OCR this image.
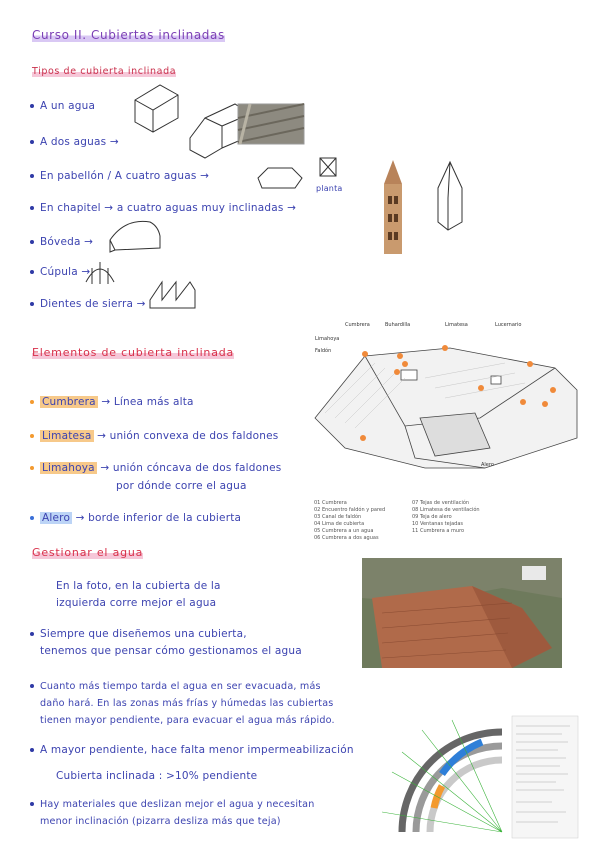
Curso II. Cubiertas inclinadas
Tipos de cubierta inclinada
A un agua
A dos aguas →
En pabellón / A cuatro aguas →
planta
En chapitel → a cuatro aguas muy inclinadas →
Bóveda →
Cúpula →
Dientes de sierra →
Elementos de cubierta inclinada
Cumbrera → Línea más alta
Limatesa → unión convexa de dos faldones
Limahoya → unión cóncava de dos faldones
por dónde corre el agua
Alero → borde inferior de la cubierta
Cumbrera	Buhardilla	Limatesa	Lucernario
Limahoya
Faldón
Alero
01 Cumbrera
02 Encuentro faldón y pared
03 Canal de faldón
04 Lima de cubierta
05 Cumbrera a un agua
06 Cumbrera a dos aguas
07 Tejas de ventilación
08 Limatesa de ventilación
09 Teja de alero
10 Ventanas tejadas
11 Cumbrera a muro
Gestionar el agua
En la foto, en la cubierta de la
izquierda corre mejor el agua
Siempre que diseñemos una cubierta,
tenemos que pensar cómo gestionamos el agua
Cuanto más tiempo tarda el agua en ser evacuada, más
daño hará. En las zonas más frías y húmedas las cubiertas
tienen mayor pendiente, para evacuar el agua más rápido.
A mayor pendiente, hace falta menor impermeabilización
Cubierta inclinada : >10% pendiente
Hay materiales que deslizan mejor el agua y necesitan
menor inclinación (pizarra desliza más que teja)
